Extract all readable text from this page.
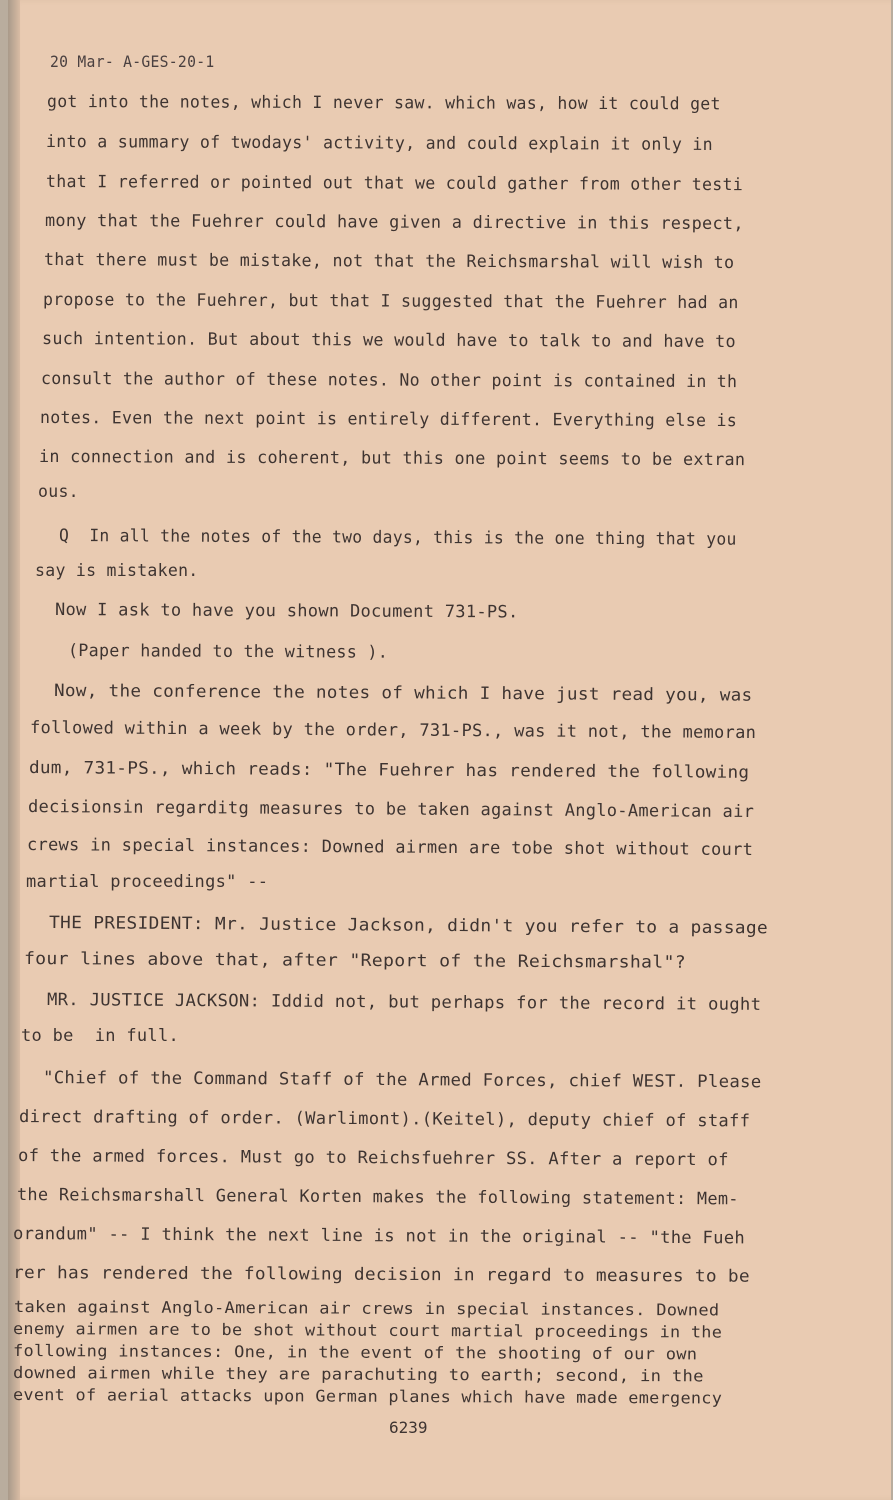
20 Mar- A-GES-20-1
got into the notes, which I never saw. which was, how it could get
into a summary of twodays' activity, and could explain it only in
that I referred or pointed out that we could gather from other testi
mony that the Fuehrer could have given a directive in this respect,
that there must be mistake, not that the Reichsmarshal will wish to
propose to the Fuehrer, but that I suggested that the Fuehrer had an
such intention. But about this we would have to talk to and have to
consult the author of these notes. No other point is contained in th
notes. Even the next point is entirely different. Everything else is
in connection and is coherent, but this one point seems to be extran
ous.
Q  In all the notes of the two days, this is the one thing that you
say is mistaken.
Now I ask to have you shown Document 731-PS.
(Paper handed to the witness ).
Now, the conference the notes of which I have just read you, was
followed within a week by the order, 731-PS., was it not, the memoran
dum, 731-PS., which reads: "The Fuehrer has rendered the following
decisionsin regarditg measures to be taken against Anglo-American air
crews in special instances: Downed airmen are tobe shot without court
martial proceedings" --
THE PRESIDENT: Mr. Justice Jackson, didn't you refer to a passage
four lines above that, after "Report of the Reichsmarshal"?
MR. JUSTICE JACKSON: Iddid not, but perhaps for the record it ought
to be  in full.
"Chief of the Command Staff of the Armed Forces, chief WEST. Please
direct drafting of order. (Warlimont).(Keitel), deputy chief of staff
of the armed forces. Must go to Reichsfuehrer SS. After a report of
the Reichsmarshall General Korten makes the following statement: Mem-
orandum" -- I think the next line is not in the original -- "the Fueh
rer has rendered the following decision in regard to measures to be
taken against Anglo-American air crews in special instances. Downed
enemy airmen are to be shot without court martial proceedings in the
following instances: One, in the event of the shooting of our own
downed airmen while they are parachuting to earth; second, in the
event of aerial attacks upon German planes which have made emergency
6239
